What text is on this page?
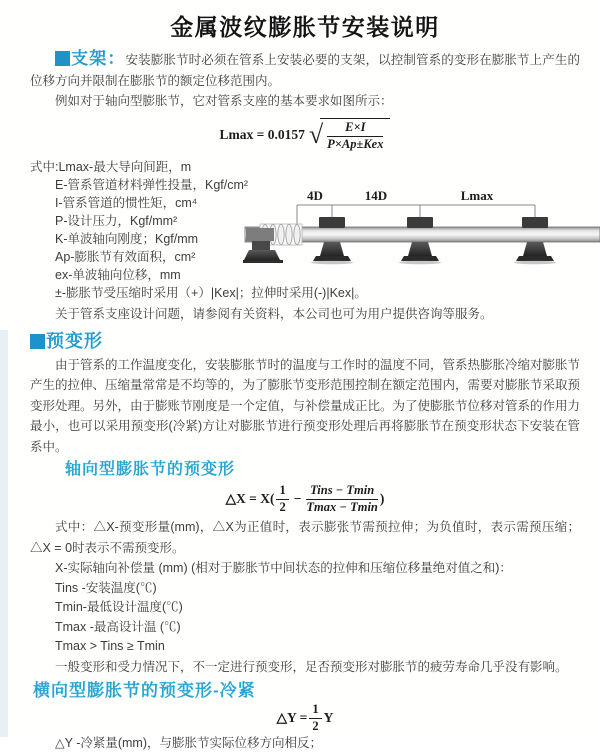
金属波纹膨胀节安装说明

支架：安装膨胀节时必须在管系上安装必要的支架，以控制管系的变形在膨胀节上产生的位移方向并限制在膨胀节的额定位移范围内。

例如对于轴向型膨胀节，它对管系支座的基本要求如图所示：

Lmax = 0.0157 √ $\frac{E\times I}{\text{P×Ap±Kex}}$

式中:Lmax-最大导向间距，m

E-管系管道材料弹性投量，Kgf/cm²

I-管系管道的惯性矩，cm⁴

P-设计压力，Kgf/mm²

K-单波轴向刚度；Kgf/mm

Ap-膨胀节有效面积，cm²

ex-单波轴向位移，mm

±-膨胀节受压缩时采用（+）|Kex|；拉伸时采用(-)|Kex|。

关于管系支座设计问题，请参阅有关资料，本公司也可为用户提供咨询等服务。

预变形

由于管系的工作温度变化，安装膨胀节时的温度与工作时的温度不同，管系热膨胀冷缩对膨胀节产生的拉伸、压缩量常常是不均等的，为了膨胀节变形范围控制在额定范围内，需要对膨胀节采取预变形处理。另外，由于膨账节刚度是一个定值，与补偿量成正比。为了使膨胀节位移对管系的作用力最小，也可以采用预变形(冷紧)方让对膨胀节进行预变形处理后再将膨胀节在预变形状态下安装在管系中。

轴向型膨胀节的预变形
△X = $X( \frac{1}{2} - \frac{\text{Tins − Tmin}}{Tmax - Tmin}$ )

式中：△X-预变形量(mm)，△X为正值时，表示膨张节需预拉伸；为负值时，表示需预压缩；△X = 0时表示不需预变形。

X-实际轴向补偿量 (mm) (相对于膨胀节中间状态的拉伸和压缩位移量绝对值之和)：

Tins -安装温度(℃)

Tmin-最低设计温度(℃)

Tmax -最高设计温 (℃)

Tmax > Tins ≥ Tmin

一般变形和受力情况下，不一定进行预变形，足否预变形对膨胀节的疲劳寿命几乎没有影响。

横向型膨胀节的预变形-冷紧
△Y = $\frac{1}{2}$ Y

△Y -冷紧量(mm)，与膨胀节实际位移方向相反；

4D	14D	Lmax
